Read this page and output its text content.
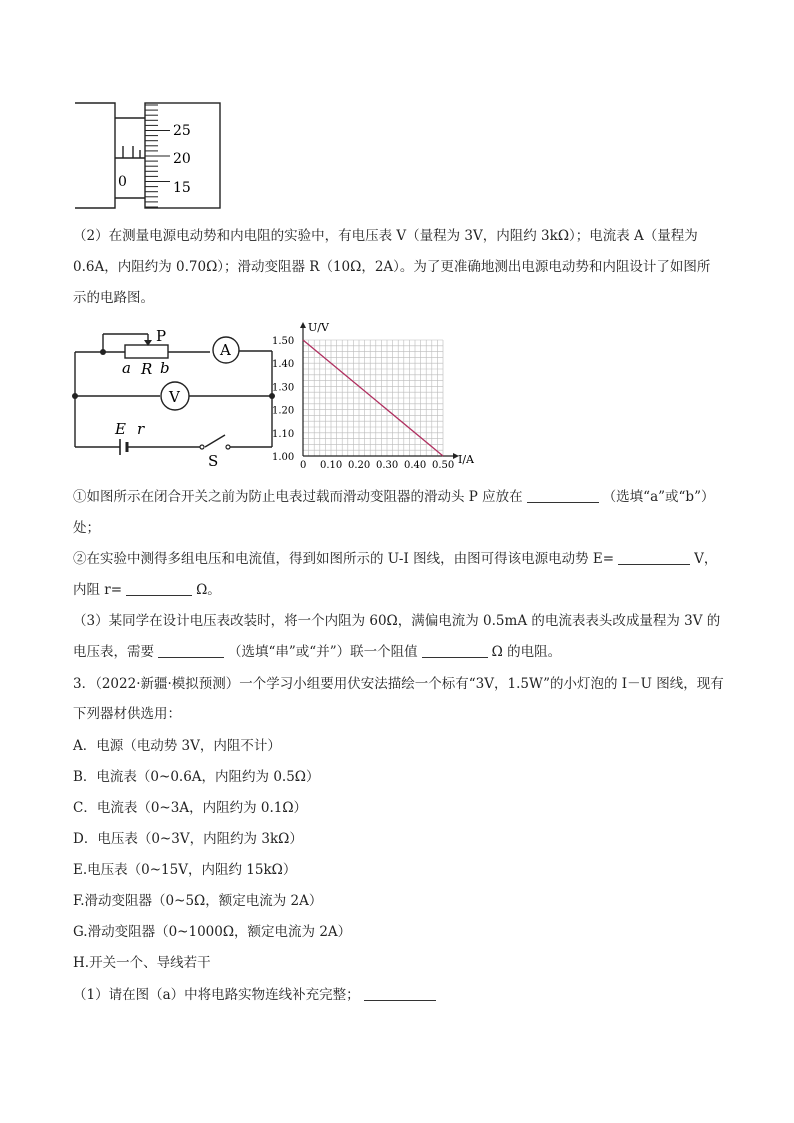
25
20
15
0
（2）在测量电源电动势和内电阻的实验中，有电压表 V（量程为 3V，内阻约 3kΩ）；电流表 A（量程为
0.6A，内阻约为 0.70Ω）；滑动变阻器 R（10Ω，2A）。为了更准确地测出电源电动势和内阻设计了如图所
示的电路图。
P
a R b
A
V
E r
S	0 0.10 0.20 0.30 0.40 0.50
1.00
1.10
1.20
1.30
1.40
1.50
U/V
I/A
①如图所示在闭合开关之前为防止电表过载而滑动变阻器的滑动头 P 应放在	（选填“a”或“b”）
处；
②在实验中测得多组电压和电流值，得到如图所示的 U-I 图线，由图可得该电源电动势 E=	V，
内阻 r=	Ω。
（3）某同学在设计电压表改装时，将一个内阻为 60Ω，满偏电流为 0.5mA 的电流表表头改成量程为 3V 的
电压表，需要	（选填“串”或“并”）联一个阻值	Ω 的电阻。
3．（2022·新疆·模拟预测）一个学习小组要用伏安法描绘一个标有“3V，1.5W”的小灯泡的 I－U 图线，现有
下列器材供选用：
A．电源（电动势 3V，内阻不计）
B．电流表（0~0.6A，内阻约为 0.5Ω）
C．电流表（0~3A，内阻约为 0.1Ω）
D．电压表（0~3V，内阻约为 3kΩ）
E.电压表（0~15V，内阻约 15kΩ）
F.滑动变阻器（0~5Ω，额定电流为 2A）
G.滑动变阻器（0~1000Ω，额定电流为 2A）
H.开关一个、导线若干
（1）请在图（a）中将电路实物连线补充完整；
